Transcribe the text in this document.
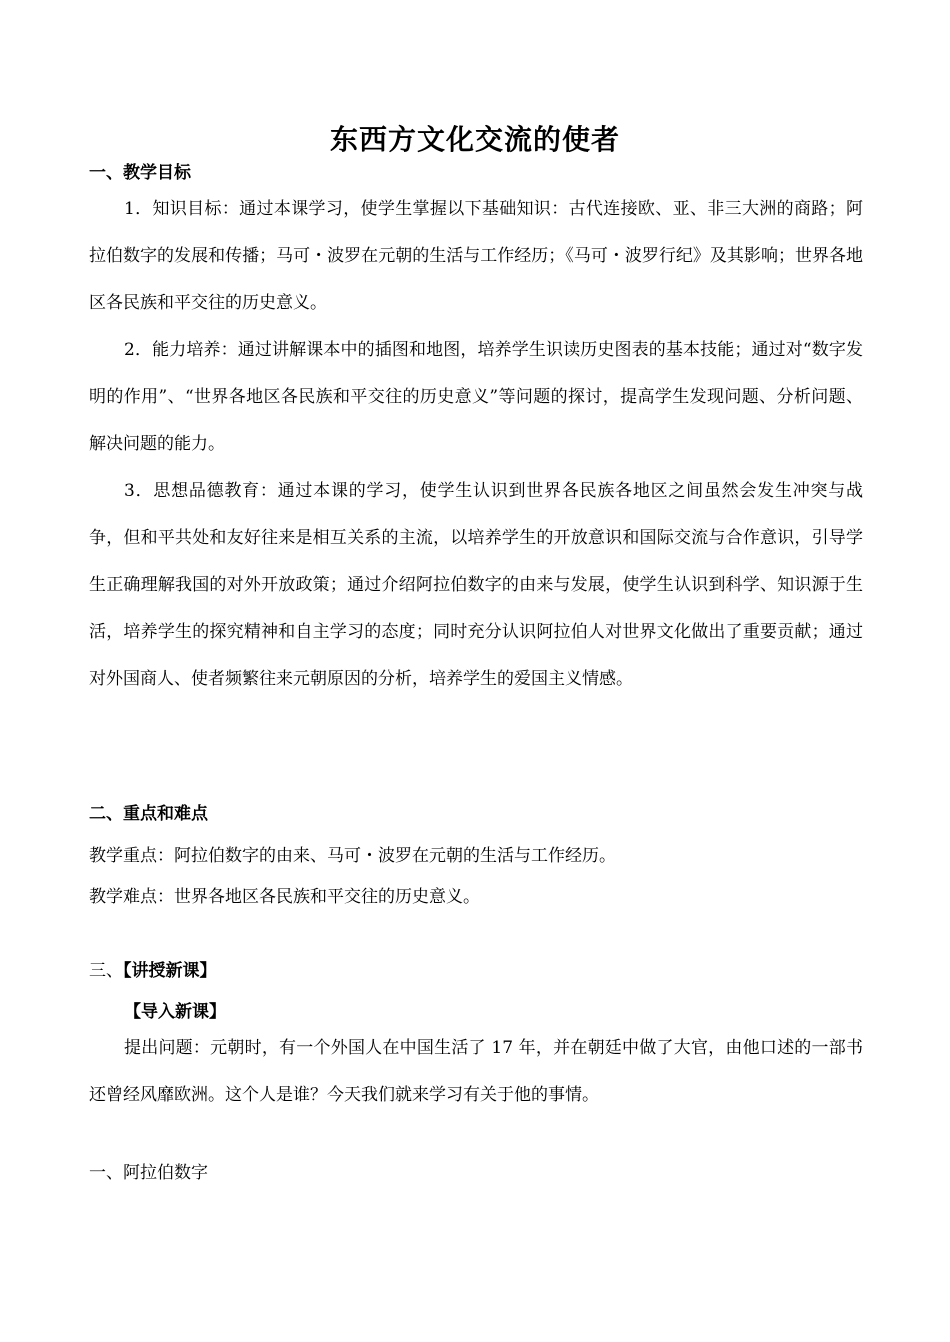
东西方文化交流的使者
一、教学目标
1．知识目标：通过本课学习，使学生掌握以下基础知识：古代连接欧、亚、非三大洲的商路；阿拉伯数字的发展和传播；马可・波罗在元朝的生活与工作经历；《马可・波罗行纪》及其影响；世界各地区各民族和平交往的历史意义。
2．能力培养：通过讲解课本中的插图和地图，培养学生识读历史图表的基本技能；通过对“数字发明的作用”、“世界各地区各民族和平交往的历史意义”等问题的探讨，提高学生发现问题、分析问题、解决问题的能力。
3．思想品德教育：通过本课的学习，使学生认识到世界各民族各地区之间虽然会发生冲突与战争，但和平共处和友好往来是相互关系的主流，以培养学生的开放意识和国际交流与合作意识，引导学生正确理解我国的对外开放政策；通过介绍阿拉伯数字的由来与发展，使学生认识到科学、知识源于生活，培养学生的探究精神和自主学习的态度；同时充分认识阿拉伯人对世界文化做出了重要贡献；通过对外国商人、使者频繁往来元朝原因的分析，培养学生的爱国主义情感。
二、重点和难点
教学重点：阿拉伯数字的由来、马可・波罗在元朝的生活与工作经历。
教学难点：世界各地区各民族和平交往的历史意义。
三、【讲授新课】
【导入新课】
提出问题：元朝时，有一个外国人在中国生活了 17 年，并在朝廷中做了大官，由他口述的一部书还曾经风靡欧洲。这个人是谁？今天我们就来学习有关于他的事情。
一、阿拉伯数字
